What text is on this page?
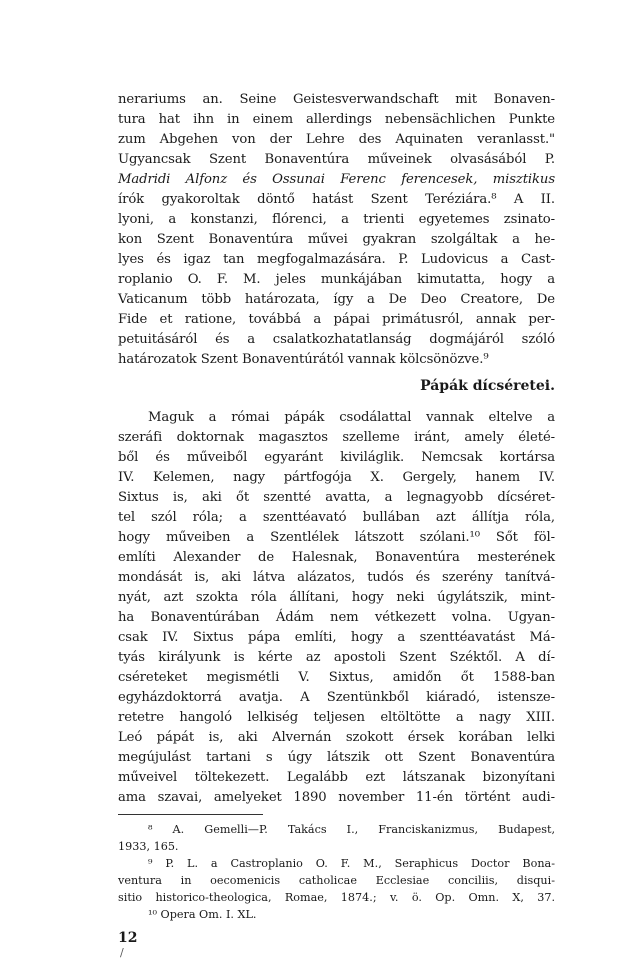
nerariums an. Seine Geistesverwandschaft mit Bonaven-
tura hat ihn in einem allerdings nebensächlichen Punkte
zum Abgehen von der Lehre des Aquinaten veranlasst."
Ugyancsak Szent Bonaventúra műveinek olvasásából P.
Madridi Alfonz és Ossunai Ferenc ferencesek, misztikus
írók gyakoroltak döntő hatást Szent Teréziára.⁸ A II.
lyoni, a konstanzi, flórenci, a trienti egyetemes zsinato-
kon Szent Bonaventúra művei gyakran szolgáltak a he-
lyes és igaz tan megfogalmazására. P. Ludovicus a Cast-
roplanio O. F. M. jeles munkájában kimutatta, hogy a
Vaticanum több határozata, így a De Deo Creatore, De
Fide et ratione, továbbá a pápai primátusról, annak per-
petuitásáról és a csalatkozhatatlanság dogmájáról szóló
határozatok Szent Bonaventúrától vannak kölcsönözve.⁹
Pápák dícséretei.
Maguk a római pápák csodálattal vannak eltelve a
szeráfi doktornak magasztos szelleme iránt, amely életé-
ből és műveiből egyaránt kiviláglik. Nemcsak kortársa
IV. Kelemen, nagy pártfogója X. Gergely, hanem IV.
Sixtus is, aki őt szentté avatta, a legnagyobb dícséret-
tel szól róla; a szenttéavató bullában azt állítja róla,
hogy műveiben a Szentlélek látszott szólani.¹⁰ Sőt föl-
említi Alexander de Halesnak, Bonaventúra mesterének
mondását is, aki látva alázatos, tudós és szerény tanítvá-
nyát, azt szokta róla állítani, hogy neki úgylátszik, mint-
ha Bonaventúrában Ádám nem vétkezett volna. Ugyan-
csak IV. Sixtus pápa említi, hogy a szenttéavatást Má-
tyás királyunk is kérte az apostoli Szent Széktől. A dí-
cséreteket megismétli V. Sixtus, amidőn őt 1588-ban
egyházdoktorrá avatja. A Szentünkből kiáradó, istensze-
retetre hangoló lelkiség teljesen eltöltötte a nagy XIII.
Leó pápát is, aki Alvernán szokott érsek korában lelki
megújulást tartani s úgy látszik ott Szent Bonaventúra
műveivel töltekezett. Legalább ezt látszanak bizonyítani
ama szavai, amelyeket 1890 november 11-én történt audi-
⁸ A. Gemelli—P. Takács I., Franciskanizmus, Budapest,
1933, 165.
⁹ P. L. a Castroplanio O. F. M., Seraphicus Doctor Bona-
ventura in oecomenicis catholicae Ecclesiae conciliis, disqui-
sitio historico-theologica, Romae, 1874.; v. ö. Op. Omn. X, 37.
¹⁰ Opera Om. I. XL.
12
/
